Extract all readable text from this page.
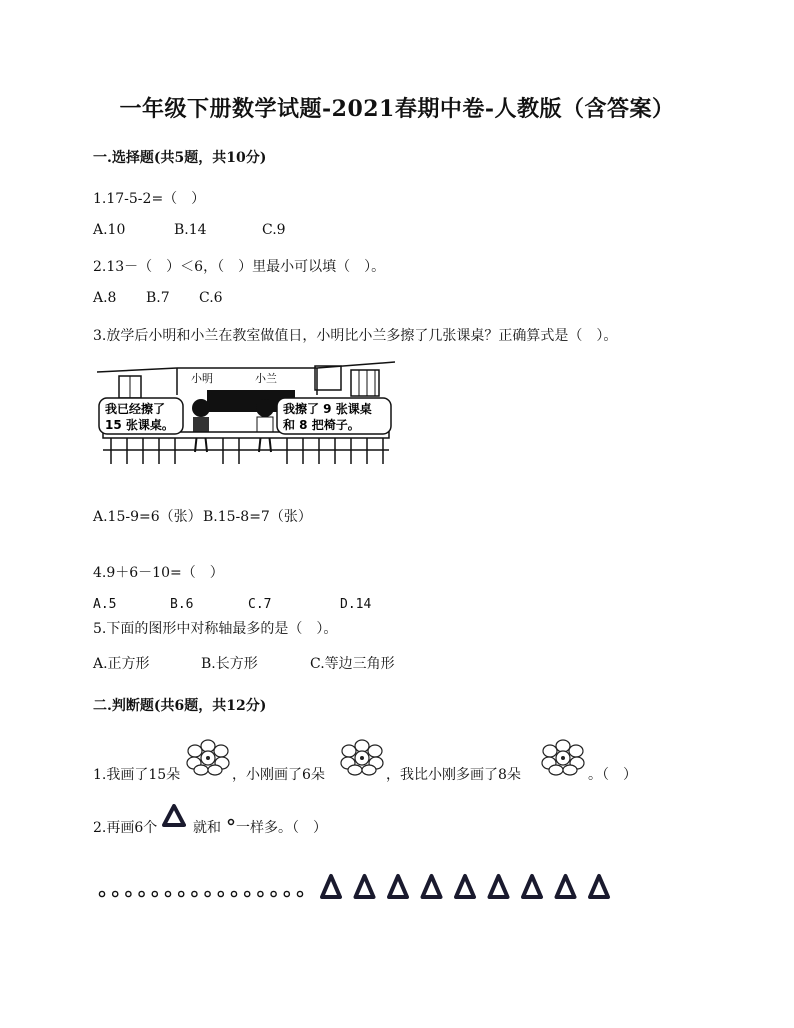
一年级下册数学试题-2021春期中卷-人教版（含答案）
一.选择题(共5题，共10分)
1.17-5-2=（　）
A.10	B.14	C.9
2.13－（　）＜6，（　）里最小可以填（　）。
A.8 B.7 C.6
3.放学后小明和小兰在教室做值日，小明比小兰多擦了几张课桌？正确算式是（　）。
小明	小兰
我已经擦了
15 张课桌。
我擦了 9 张课桌
和 8 把椅子。
A.15-9=6（张） B.15-8=7（张）
4.9＋6－10=（　）
A.5	B.6	C.7	D.14
5.下面的图形中对称轴最多的是（　）。
A.正方形	B.长方形	C.等边三角形
二.判断题(共6题，共12分)
1.我画了15朵	，小刚画了6朵	，我比小刚多画了8朵	。（　）
2.再画6个	就和 一样多。（　）
